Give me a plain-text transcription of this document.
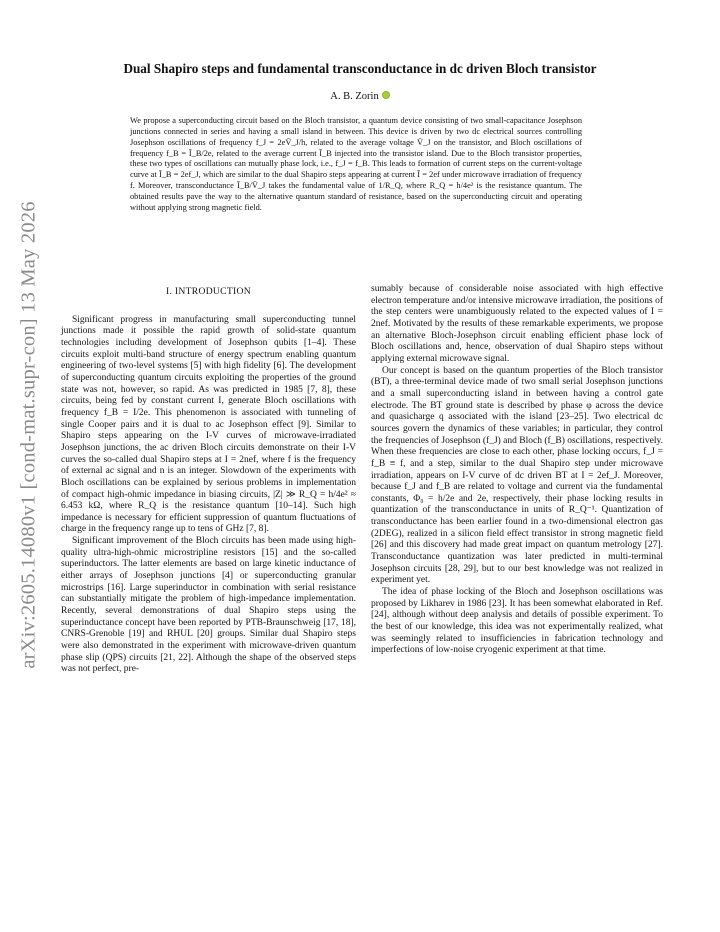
arXiv:2605.14080v1 [cond-mat.supr-con] 13 May 2026
Dual Shapiro steps and fundamental transconductance in dc driven Bloch transistor
A. B. Zorin
We propose a superconducting circuit based on the Bloch transistor, a quantum device consisting of two small-capacitance Josephson junctions connected in series and having a small island in between. This device is driven by two dc electrical sources controlling Josephson oscillations of frequency f_J = 2eV̄_J/h, related to the average voltage V̄_J on the transistor, and Bloch oscillations of frequency f_B = Ī_B/2e, related to the average current Ī_B injected into the transistor island. Due to the Bloch transistor properties, these two types of oscillations can mutually phase lock, i.e., f_J = f_B. This leads to formation of current steps on the current-voltage curve at Ī_B = 2ef_J, which are similar to the dual Shapiro steps appearing at current Ī = 2ef under microwave irradiation of frequency f. Moreover, transconductance Ī_B/V̄_J takes the fundamental value of 1/R_Q, where R_Q = h/4e² is the resistance quantum. The obtained results pave the way to the alternative quantum standard of resistance, based on the superconducting circuit and operating without applying strong magnetic field.
I. INTRODUCTION

Significant progress in manufacturing small superconducting tunnel junctions made it possible the rapid growth of solid-state quantum technologies including development of Josephson qubits [1–4]. These circuits exploit multi-band structure of energy spectrum enabling quantum engineering of two-level systems [5] with high fidelity [6]. The development of superconducting quantum circuits exploiting the properties of the ground state was not, however, so rapid. As was predicted in 1985 [7, 8], these circuits, being fed by constant current I, generate Bloch oscillations with frequency f_B = I/2e. This phenomenon is associated with tunneling of single Cooper pairs and it is dual to ac Josephson effect [9]. Similar to Shapiro steps appearing on the I-V curves of microwave-irradiated Josephson junctions, the ac driven Bloch circuits demonstrate on their I-V curves the so-called dual Shapiro steps at I = 2nef, where f is the frequency of external ac signal and n is an integer. Slowdown of the experiments with Bloch oscillations can be explained by serious problems in implementation of compact high-ohmic impedance in biasing circuits, |Z| ≫ R_Q = h/4e² ≈ 6.453 kΩ, where R_Q is the resistance quantum [10–14]. Such high impedance is necessary for efficient suppression of quantum fluctuations of charge in the frequency range up to tens of GHz [7, 8].

Significant improvement of the Bloch circuits has been made using high-quality ultra-high-ohmic microstripline resistors [15] and the so-called superinductors. The latter elements are based on large kinetic inductance of either arrays of Josephson junctions [4] or superconducting granular microstrips [16]. Large superinductor in combination with serial resistance can substantially mitigate the problem of high-impedance implementation. Recently, several demonstrations of dual Shapiro steps using the superinductance concept have been reported by PTB-Braunschweig [17, 18], CNRS-Grenoble [19] and RHUL [20] groups. Similar dual Shapiro steps were also demonstrated in the experiment with microwave-driven quantum phase slip (QPS) circuits [21, 22]. Although the shape of the observed steps was not perfect, pre-

sumably because of considerable noise associated with high effective electron temperature and/or intensive microwave irradiation, the positions of the step centers were unambiguously related to the expected values of I = 2nef. Motivated by the results of these remarkable experiments, we propose an alternative Bloch-Josephson circuit enabling efficient phase lock of Bloch oscillations and, hence, observation of dual Shapiro steps without applying external microwave signal.

Our concept is based on the quantum properties of the Bloch transistor (BT), a three-terminal device made of two small serial Josephson junctions and a small superconducting island in between having a control gate electrode. The BT ground state is described by phase φ across the device and quasicharge q associated with the island [23–25]. Two electrical dc sources govern the dynamics of these variables; in particular, they control the frequencies of Josephson (f_J) and Bloch (f_B) oscillations, respectively. When these frequencies are close to each other, phase locking occurs, f_J = f_B ≡ f, and a step, similar to the dual Shapiro step under microwave irradiation, appears on I-V curve of dc driven BT at I = 2ef_J. Moreover, because f_J and f_B are related to voltage and current via the fundamental constants, Φ₀ = h/2e and 2e, respectively, their phase locking results in quantization of the transconductance in units of R_Q⁻¹. Quantization of transconductance has been earlier found in a two-dimensional electron gas (2DEG), realized in a silicon field effect transistor in strong magnetic field [26] and this discovery had made great impact on quantum metrology [27]. Transconductance quantization was later predicted in multi-terminal Josephson circuits [28, 29], but to our best knowledge was not realized in experiment yet.

The idea of phase locking of the Bloch and Josephson oscillations was proposed by Likharev in 1986 [23]. It has been somewhat elaborated in Ref. [24], although without deep analysis and details of possible experiment. To the best of our knowledge, this idea was not experimentally realized, what was seemingly related to insufficiencies in fabrication technology and imperfections of low-noise cryogenic experiment at that time.
